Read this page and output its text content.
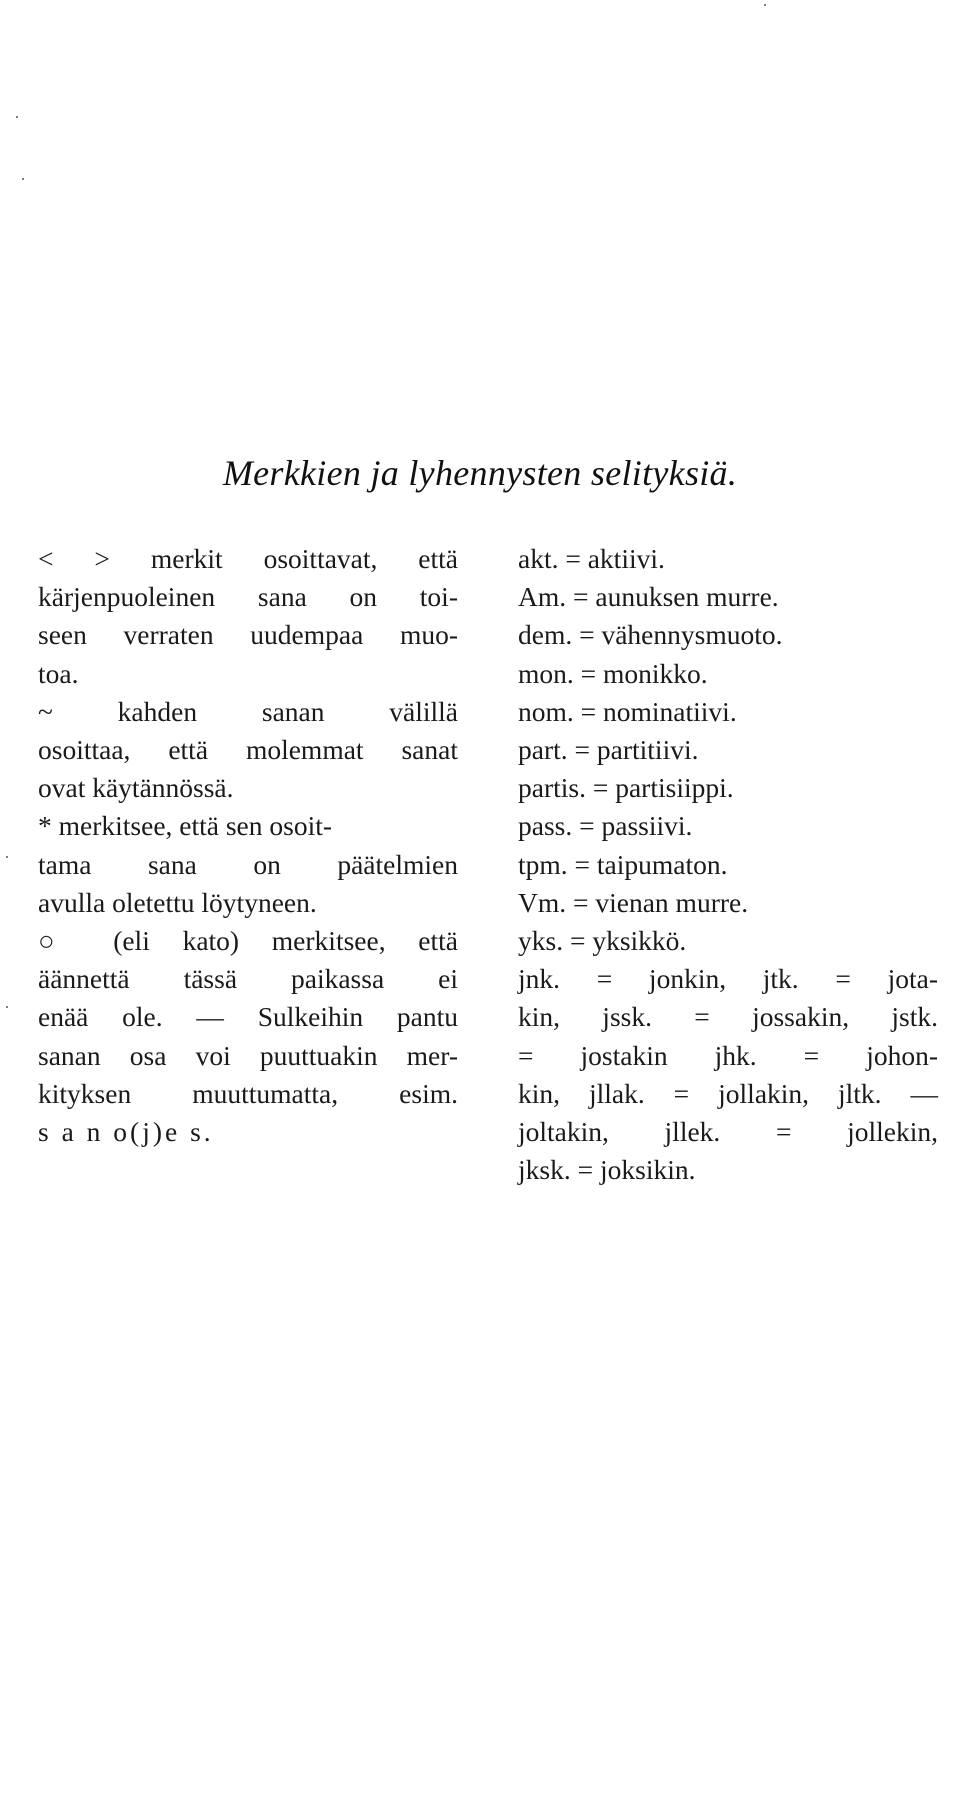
Merkkien ja lyhennysten selityksiä.

< > merkit osoittavat, että
kärjenpuoleinen sana on toi-
seen verraten uudempaa muo-
toa.

~ kahden sanan välillä
osoittaa, että molemmat sanat
ovat käytännössä.

* merkitsee, että sen osoit-
tama sana on päätelmien
avulla oletettu löytyneen.

○ (eli kato) merkitsee, että
äännettä tässä paikassa ei
enää ole. — Sulkeihin pantu
sanan osa voi puuttuakin mer-
kityksen muuttumatta, esim.
s a n o(j)e s.

akt. = aktiivi.
Am. = aunuksen murre.
dem. = vähennysmuoto.
mon. = monikko.
nom. = nominatiivi.
part. = partitiivi.
partis. = partisiippi.
pass. = passiivi.
tpm. = taipumaton.
Vm. = vienan murre.
yks. = yksikkö.
jnk. = jonkin, jtk. = jota-
kin, jssk. = jossakin, jstk.
= jostakin jhk. = johon-
kin, jllak. = jollakin, jltk. —
joltakin, jllek. = jollekin,
jksk. = joksikin.
